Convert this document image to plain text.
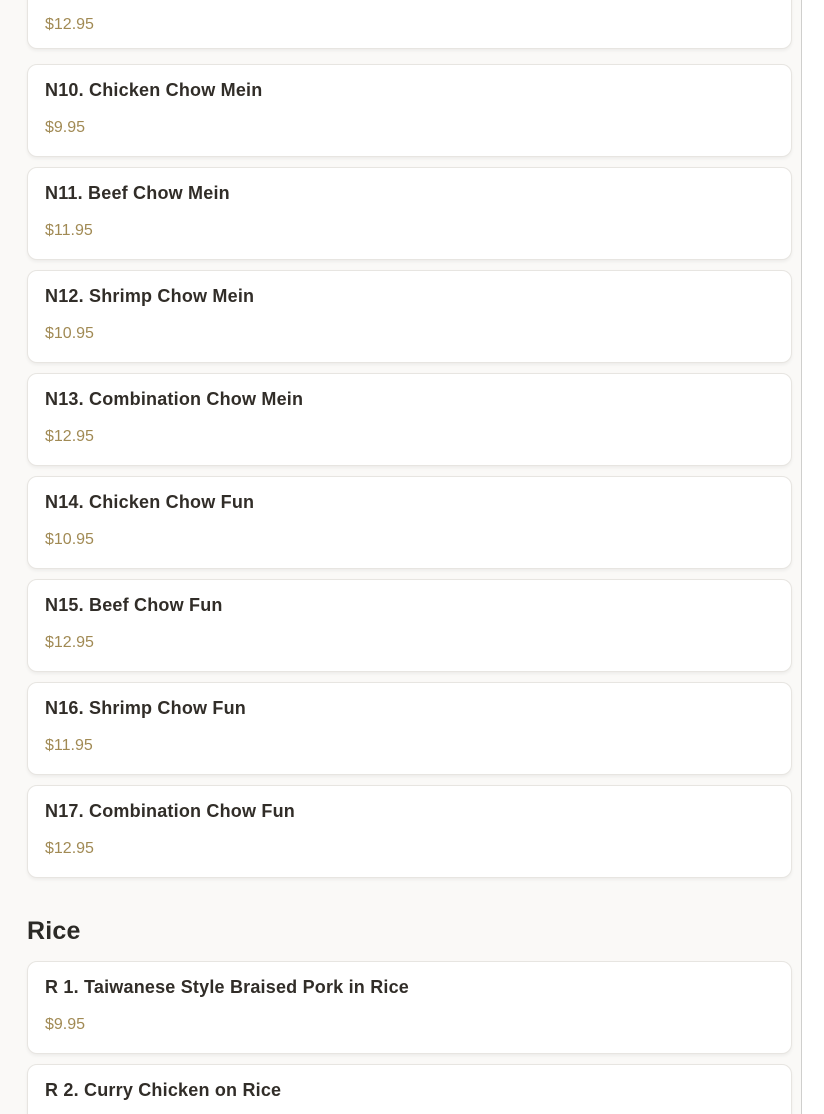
$12.95
N10. Chicken Chow Mein
$9.95
N11. Beef Chow Mein
$11.95
N12. Shrimp Chow Mein
$10.95
N13. Combination Chow Mein
$12.95
N14. Chicken Chow Fun
$10.95
N15. Beef Chow Fun
$12.95
N16. Shrimp Chow Fun
$11.95
N17. Combination Chow Fun
$12.95
Rice
R 1. Taiwanese Style Braised Pork in Rice
$9.95
R 2. Curry Chicken on Rice
